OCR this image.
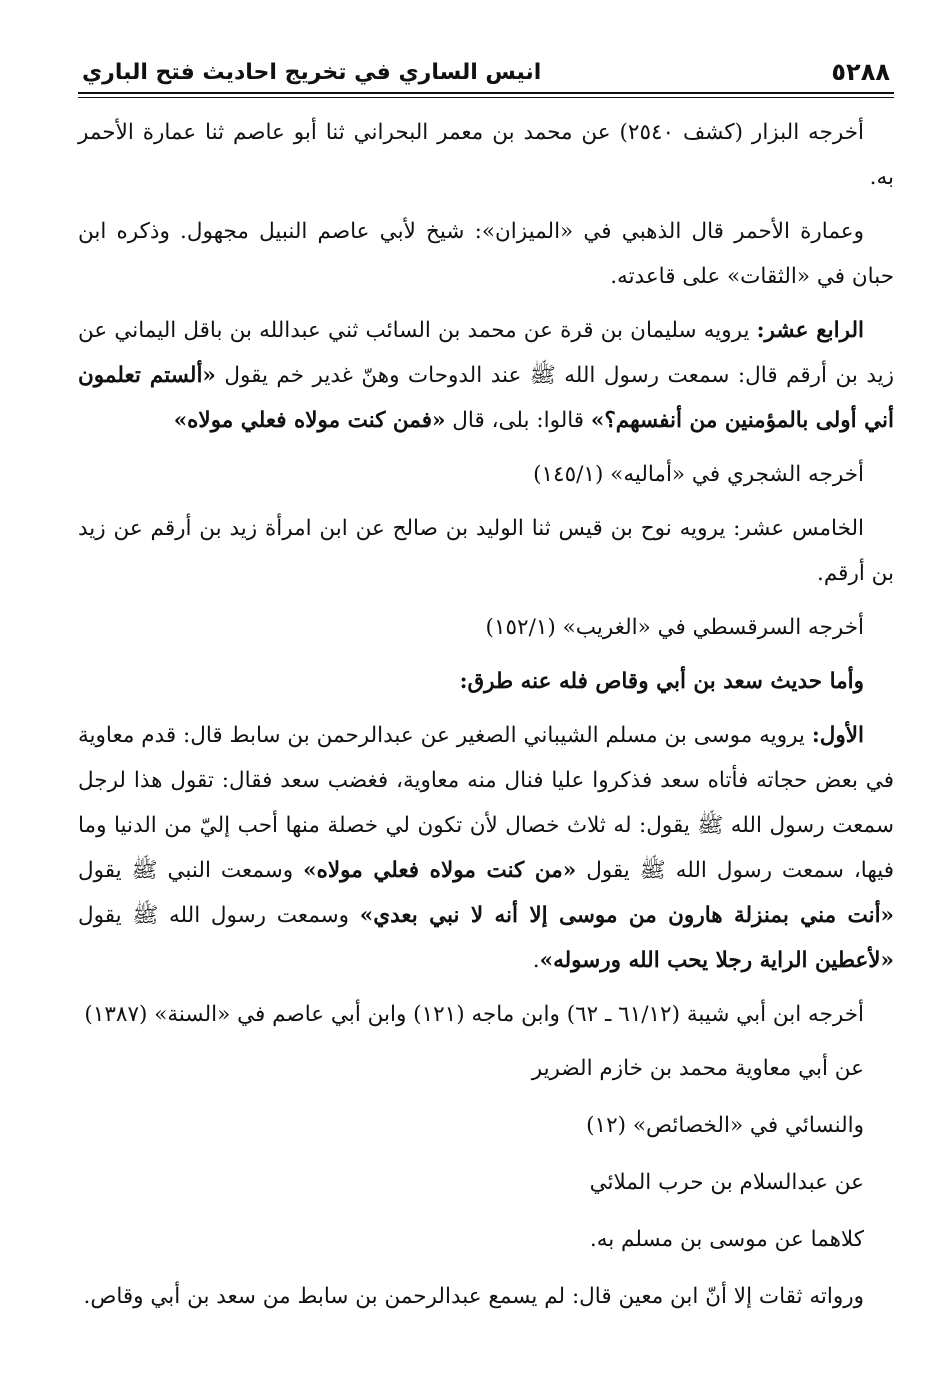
٥٢٨٨
انيس الساري في تخريج احاديث فتح الباري

أخرجه البزار (كشف ٢٥٤٠) عن محمد بن معمر البحراني ثنا أبو عاصم ثنا عمارة الأحمر به.

وعمارة الأحمر قال الذهبي في «الميزان»: شيخ لأبي عاصم النبيل مجهول. وذكره ابن حبان في «الثقات» على قاعدته.

الرابع عشر: يرويه سليمان بن قرة عن محمد بن السائب ثني عبدالله بن باقل اليماني عن زيد بن أرقم قال: سمعت رسول الله ﷺ عند الدوحات وهنّ غدير خم يقول «ألستم تعلمون أني أولى بالمؤمنين من أنفسهم؟» قالوا: بلى، قال «فمن كنت مولاه فعلي مولاه»

أخرجه الشجري في «أماليه» (١٤٥/١)

الخامس عشر: يرويه نوح بن قيس ثنا الوليد بن صالح عن ابن امرأة زيد بن أرقم عن زيد بن أرقم.

أخرجه السرقسطي في «الغريب» (١٥٢/١)

وأما حديث سعد بن أبي وقاص فله عنه طرق:

الأول: يرويه موسى بن مسلم الشيباني الصغير عن عبدالرحمن بن سابط قال: قدم معاوية في بعض حجاته فأتاه سعد فذكروا عليا فنال منه معاوية، فغضب سعد فقال: تقول هذا لرجل سمعت رسول الله ﷺ يقول: له ثلاث خصال لأن تكون لي خصلة منها أحب إليّ من الدنيا وما فيها، سمعت رسول الله ﷺ يقول «من كنت مولاه فعلي مولاه» وسمعت النبي ﷺ يقول «أنت مني بمنزلة هارون من موسى إلا أنه لا نبي بعدي» وسمعت رسول الله ﷺ يقول «لأعطين الراية رجلا يحب الله ورسوله».

أخرجه ابن أبي شيبة (٦١/١٢ ـ ٦٢) وابن ماجه (١٢١) وابن أبي عاصم في «السنة» (١٣٨٧)

عن أبي معاوية محمد بن خازم الضرير

والنسائي في «الخصائص» (١٢)

عن عبدالسلام بن حرب الملائي

كلاهما عن موسى بن مسلم به.

ورواته ثقات إلا أنّ ابن معين قال: لم يسمع عبدالرحمن بن سابط من سعد بن أبي وقاص.
